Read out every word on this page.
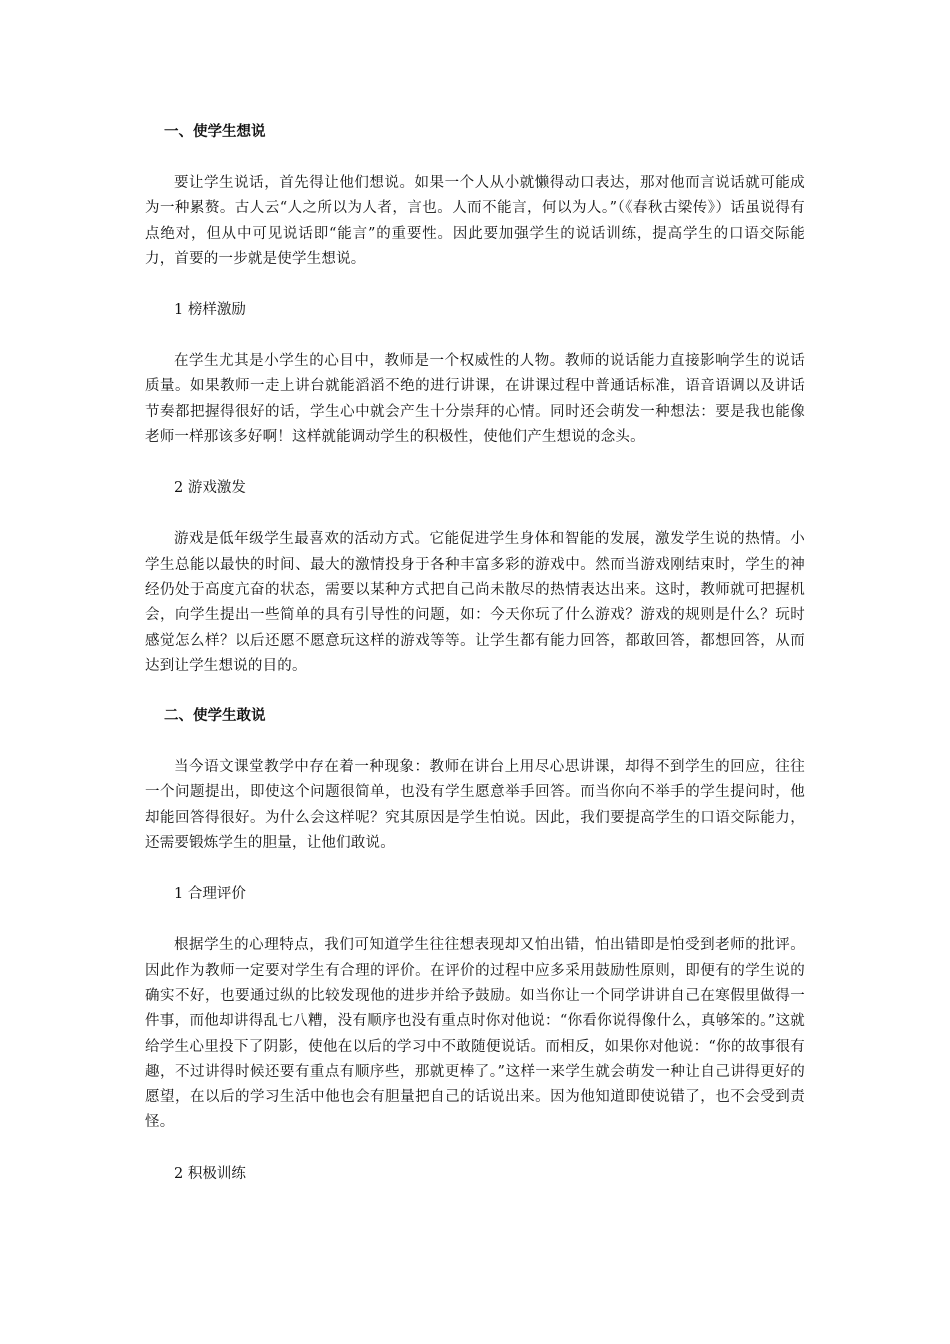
一、使学生想说

要让学生说话，首先得让他们想说。如果一个人从小就懒得动口表达，那对他而言说话就可能成为一种累赘。古人云“人之所以为人者，言也。人而不能言，何以为人。”（《春秋古梁传》）话虽说得有点绝对，但从中可见说话即“能言”的重要性。因此要加强学生的说话训练，提高学生的口语交际能力，首要的一步就是使学生想说。

1 榜样激励

在学生尤其是小学生的心目中，教师是一个权威性的人物。教师的说话能力直接影响学生的说话质量。如果教师一走上讲台就能滔滔不绝的进行讲课，在讲课过程中普通话标准，语音语调以及讲话节奏都把握得很好的话，学生心中就会产生十分崇拜的心情。同时还会萌发一种想法：要是我也能像老师一样那该多好啊！这样就能调动学生的积极性，使他们产生想说的念头。

2 游戏激发

游戏是低年级学生最喜欢的活动方式。它能促进学生身体和智能的发展，激发学生说的热情。小学生总能以最快的时间、最大的激情投身于各种丰富多彩的游戏中。然而当游戏刚结束时，学生的神经仍处于高度亢奋的状态，需要以某种方式把自己尚未散尽的热情表达出来。这时，教师就可把握机会，向学生提出一些简单的具有引导性的问题，如：今天你玩了什么游戏？游戏的规则是什么？玩时感觉怎么样？以后还愿不愿意玩这样的游戏等等。让学生都有能力回答，都敢回答，都想回答，从而达到让学生想说的目的。

二、使学生敢说

当今语文课堂教学中存在着一种现象：教师在讲台上用尽心思讲课，却得不到学生的回应，往往一个问题提出，即使这个问题很简单，也没有学生愿意举手回答。而当你向不举手的学生提问时，他却能回答得很好。为什么会这样呢？究其原因是学生怕说。因此，我们要提高学生的口语交际能力，还需要锻炼学生的胆量，让他们敢说。

1 合理评价

根据学生的心理特点，我们可知道学生往往想表现却又怕出错，怕出错即是怕受到老师的批评。因此作为教师一定要对学生有合理的评价。在评价的过程中应多采用鼓励性原则，即便有的学生说的确实不好，也要通过纵的比较发现他的进步并给予鼓励。如当你让一个同学讲讲自己在寒假里做得一件事，而他却讲得乱七八糟，没有顺序也没有重点时你对他说：“你看你说得像什么，真够笨的。”这就给学生心里投下了阴影，使他在以后的学习中不敢随便说话。而相反，如果你对他说：“你的故事很有趣，不过讲得时候还要有重点有顺序些，那就更棒了。”这样一来学生就会萌发一种让自己讲得更好的愿望，在以后的学习生活中他也会有胆量把自己的话说出来。因为他知道即使说错了，也不会受到责怪。

2 积极训练
